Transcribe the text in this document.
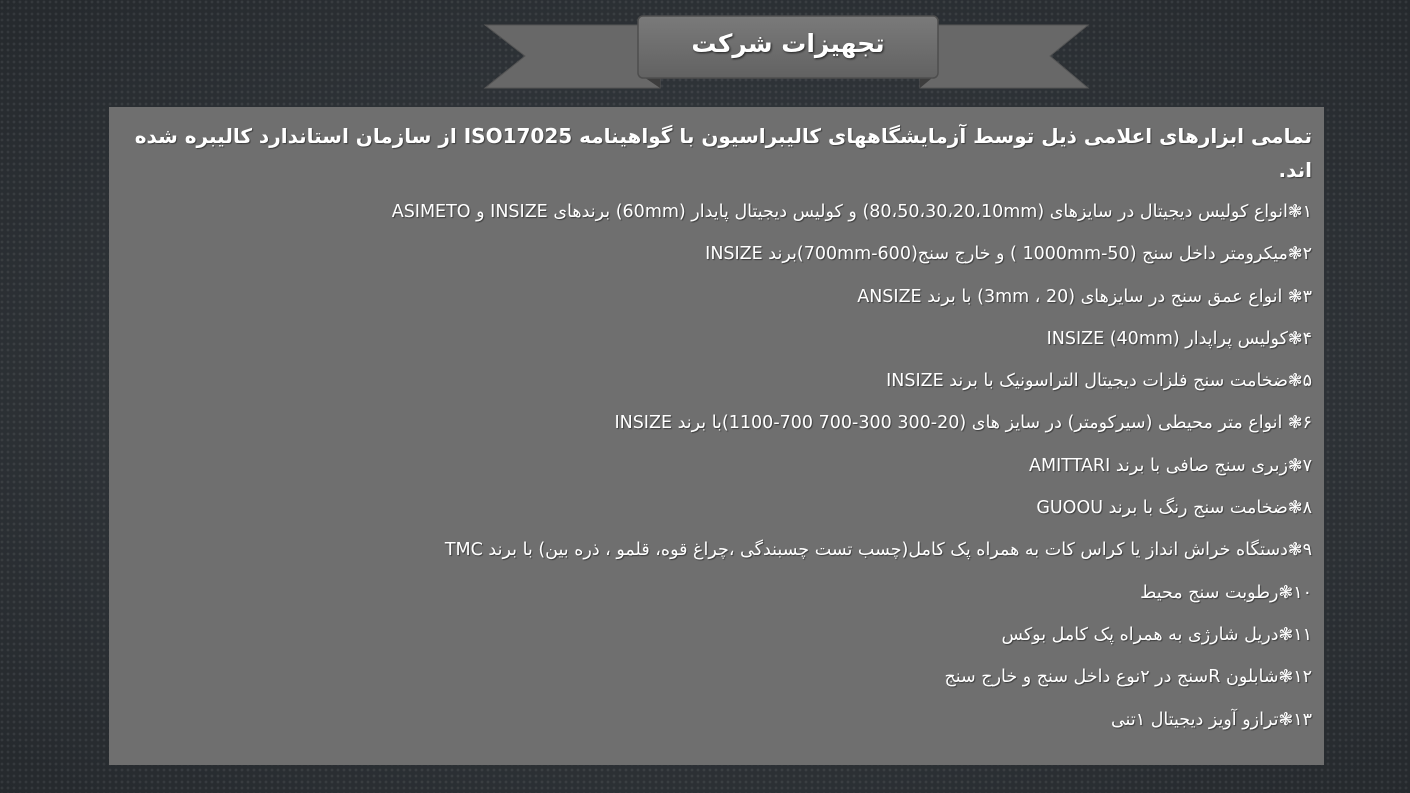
تجهیزات شرکت
تمامی ابزارهای اعلامی ذیل توسط آزمایشگاههای کالیبراسیون با گواهینامه ISO17025 از سازمان استاندارد کالیبره شده اند.
۱❃انواع کولیس دیجیتال در سایزهای (80،50،30،20،10mm) و کولیس دیجیتال پایدار (60mm) برندهای INSIZE و ASIMETO
۲❃میکرومتر داخل سنج (50-1000mm ) و خارج سنج(600-700mm)برند INSIZE
۳❃ انواع عمق سنج در سایزهای (3mm ، 20) با برند ANSIZE
۴❃کولیس پراپدار (40mm) INSIZE
۵❃ضخامت سنج فلزات دیجیتال التراسونیک با برند INSIZE
۶❃ انواع متر محیطی (سیرکومتر) در سایز های (20-300 300-700 700-1100)با برند INSIZE
۷❃زبری سنج صافی با برند AMITTARI
۸❃ضخامت سنج رنگ با برند GUOOU
۹❃دستگاه خراش انداز یا کراس کات به همراه پک کامل(چسب تست چسبندگی ،چراغ قوه، قلمو ، ذره بین) با برند TMC
۱۰❃رطوبت سنج محیط
۱۱❃دریل شارژی به همراه پک کامل بوکس
۱۲❃شابلون Rسنج در ۲نوع داخل سنج و خارج سنج
۱۳❃ترازو آویز دیجیتال ۱تنی
